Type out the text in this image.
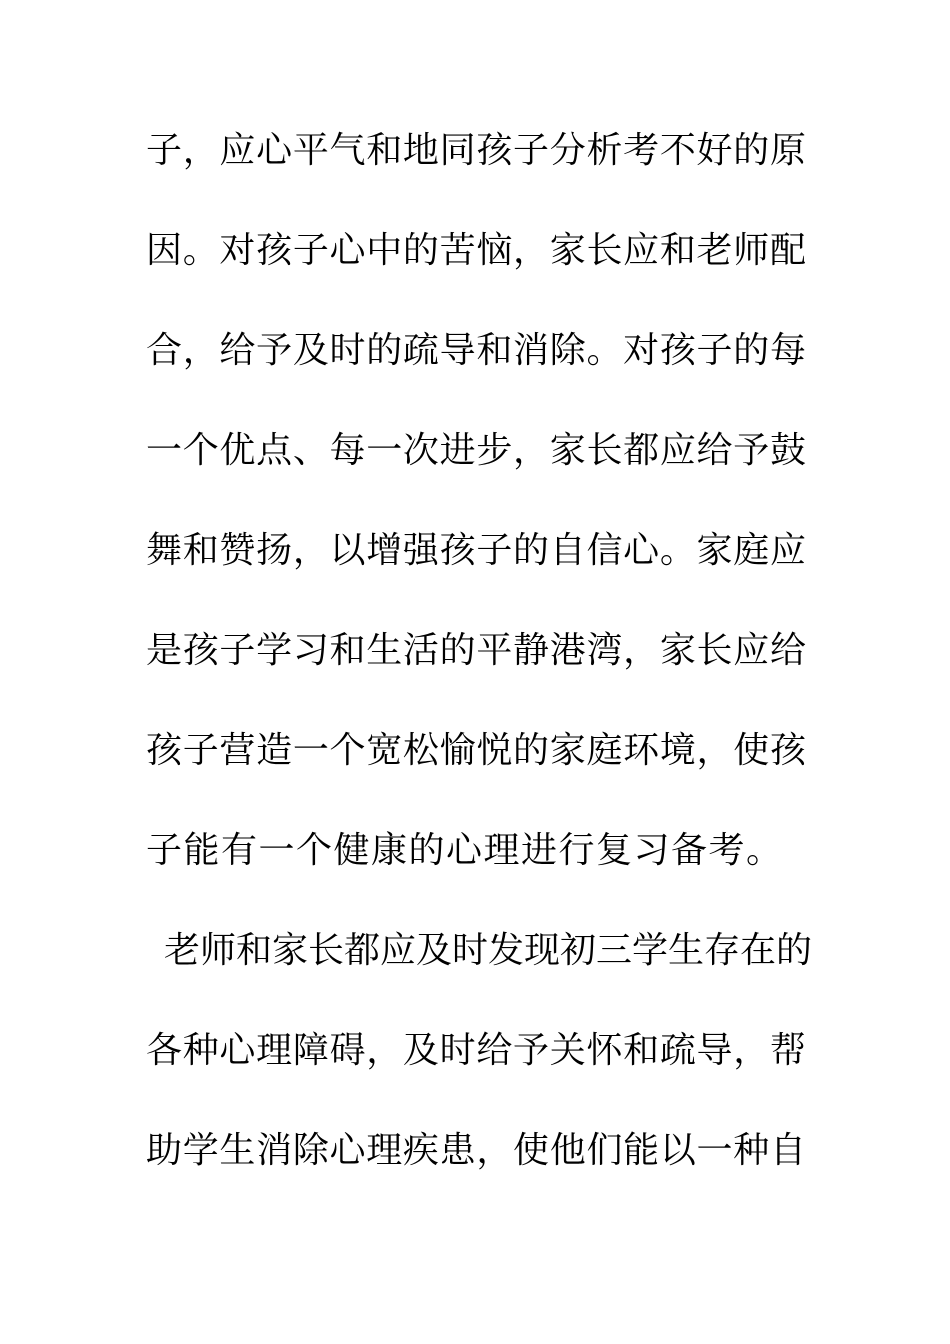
子 ， 应 心 平 气 和 地 同 孩 子 分 析 考 不 好 的 原
因 。 对 孩 子 心 中 的 苦 恼 ， 家 长 应 和 老 师 配
合 ， 给 予 及 时 的 疏 导 和 消 除 。 对 孩 子 的 每
一 个 优 点 、 每 一 次 进 步 ， 家 长 都 应 给 予 鼓
舞 和 赞 扬 ， 以 增 强 孩 子 的 自 信 心 。 家 庭 应
是 孩 子 学 习 和 生 活 的 平 静 港 湾 ， 家 长 应 给
孩 子 营 造 一 个 宽 松 愉 悦 的 家 庭 环 境 ， 使 孩
子 能 有 一 个 健 康 的 心 理 进 行 复 习 备 考 。
老 师 和 家 长 都 应 及 时 发 现 初 三 学 生 存 在 的
各 种 心 理 障 碍 ， 及 时 给 予 关 怀 和 疏 导 ， 帮
助 学 生 消 除 心 理 疾 患 ， 使 他 们 能 以 一 种 自
